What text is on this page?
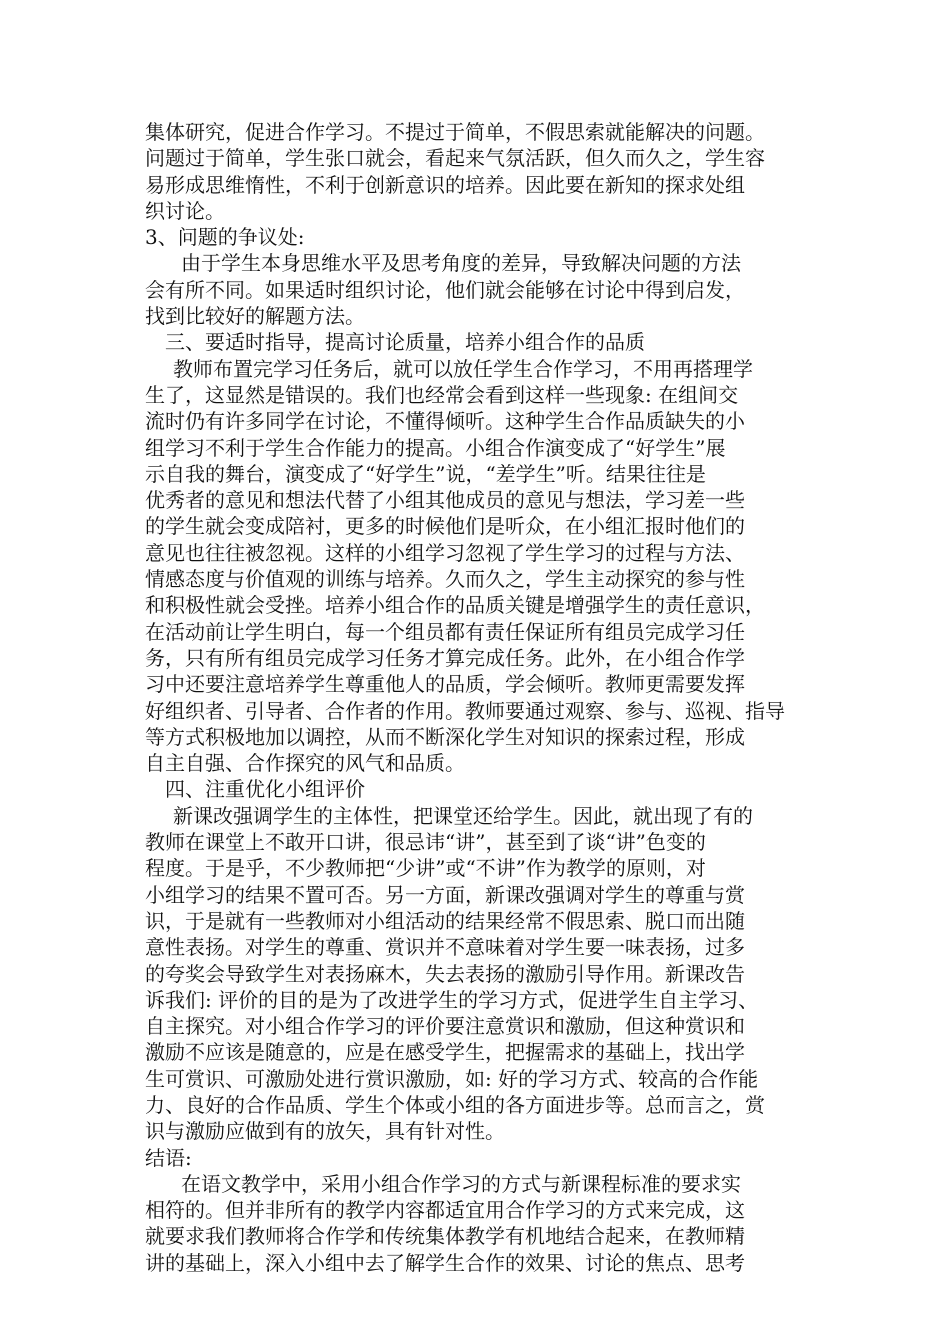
集体研究，促进合作学习。不提过于简单，不假思索就能解决的问题。
问题过于简单，学生张口就会，看起来气氛活跃，但久而久之，学生容
易形成思维惰性，不利于创新意识的培养。因此要在新知的探求处组
织讨论。
3、问题的争议处:
由于学生本身思维水平及思考角度的差异，导致解决问题的方法
会有所不同。如果适时组织讨论，他们就会能够在讨论中得到启发，
找到比较好的解题方法。
三、要适时指导，提高讨论质量，培养小组合作的品质
教师布置完学习任务后，就可以放任学生合作学习，不用再搭理学
生了，这显然是错误的。我们也经常会看到这样一些现象: 在组间交
流时仍有许多同学在讨论，不懂得倾听。这种学生合作品质缺失的小
组学习不利于学生合作能力的提高。小组合作演变成了“好学生”展
示自我的舞台，演变成了“好学生”说，“差学生”听。结果往往是
优秀者的意见和想法代替了小组其他成员的意见与想法，学习差一些
的学生就会变成陪衬，更多的时候他们是听众，在小组汇报时他们的
意见也往往被忽视。这样的小组学习忽视了学生学习的过程与方法、
情感态度与价值观的训练与培养。久而久之，学生主动探究的参与性
和积极性就会受挫。培养小组合作的品质关键是增强学生的责任意识，
在活动前让学生明白，每一个组员都有责任保证所有组员完成学习任
务，只有所有组员完成学习任务才算完成任务。此外，在小组合作学
习中还要注意培养学生尊重他人的品质，学会倾听。教师更需要发挥
好组织者、引导者、合作者的作用。教师要通过观察、参与、巡视、指导
等方式积极地加以调控，从而不断深化学生对知识的探索过程，形成
自主自强、合作探究的风气和品质。
四、注重优化小组评价
新课改强调学生的主体性，把课堂还给学生。因此，就出现了有的
教师在课堂上不敢开口讲，很忌讳“讲”，甚至到了谈“讲”色变的
程度。于是乎，不少教师把“少讲”或“不讲”作为教学的原则，对
小组学习的结果不置可否。另一方面，新课改强调对学生的尊重与赏
识，于是就有一些教师对小组活动的结果经常不假思索、脱口而出随
意性表扬。对学生的尊重、赏识并不意味着对学生要一味表扬，过多
的夸奖会导致学生对表扬麻木，失去表扬的激励引导作用。新课改告
诉我们: 评价的目的是为了改进学生的学习方式，促进学生自主学习、
自主探究。对小组合作学习的评价要注意赏识和激励，但这种赏识和
激励不应该是随意的，应是在感受学生，把握需求的基础上，找出学
生可赏识、可激励处进行赏识激励，如: 好的学习方式、较高的合作能
力、良好的合作品质、学生个体或小组的各方面进步等。总而言之，赏
识与激励应做到有的放矢，具有针对性。
结语:
在语文教学中，采用小组合作学习的方式与新课程标准的要求实
相符的。但并非所有的教学内容都适宜用合作学习的方式来完成，这
就要求我们教师将合作学和传统集体教学有机地结合起来，在教师精
讲的基础上，深入小组中去了解学生合作的效果、讨论的焦点、思考
